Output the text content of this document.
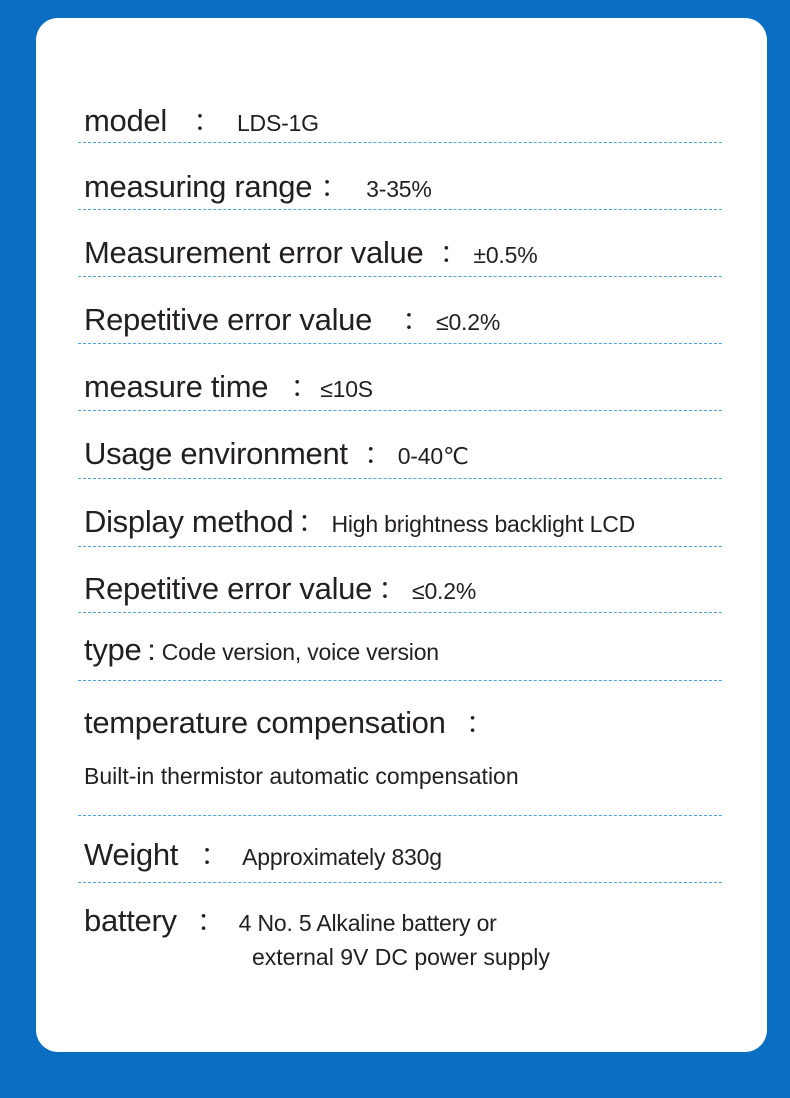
model ： LDS-1G
measuring range ： 3-35%
Measurement error value ： ±0.5%
Repetitive error value ： ≤0.2%
measure time ：≤10S
Usage environment ： 0-40℃
Display method ： High brightness backlight LCD
Repetitive error value ： ≤0.2%
type : Code version, voice version
temperature compensation ：
Built-in thermistor automatic compensation
Weight ： Approximately 830g
battery ： 4 No. 5 Alkaline battery or
external 9V DC power supply
